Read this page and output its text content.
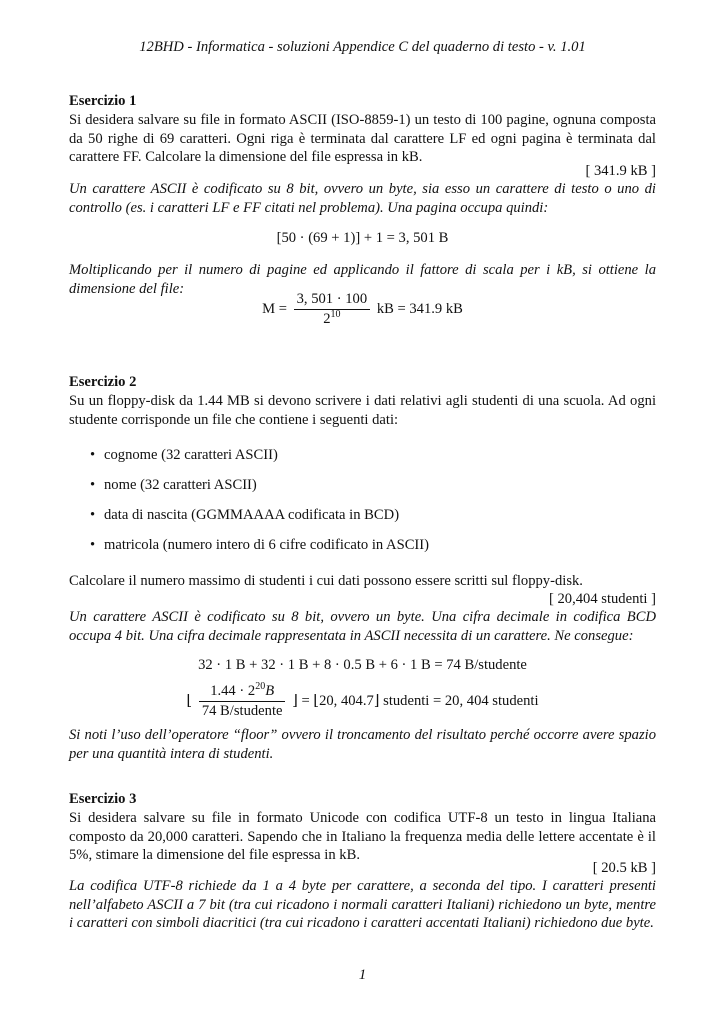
12BHD - Informatica - soluzioni Appendice C del quaderno di testo - v. 1.01
Esercizio 1
Si desidera salvare su file in formato ASCII (ISO-8859-1) un testo di 100 pagine, ognuna composta da 50 righe di 69 caratteri. Ogni riga è terminata dal carattere LF ed ogni pagina è terminata dal carattere FF. Calcolare la dimensione del file espressa in kB.
[ 341.9 kB ]
Un carattere ASCII è codificato su 8 bit, ovvero un byte, sia esso un carattere di testo o uno di controllo (es. i caratteri LF e FF citati nel problema). Una pagina occupa quindi:
[50 · (69 + 1)] + 1 = 3, 501 B
Moltiplicando per il numero di pagine ed applicando il fattore di scala per i kB, si ottiene la dimensione del file:
$M = \frac{3, 501 \cdot 100}{2^{10}}$ kB = 341.9 kB
Esercizio 2
Su un floppy-disk da 1.44 MB si devono scrivere i dati relativi agli studenti di una scuola. Ad ogni studente corrisponde un file che contiene i seguenti dati:
• cognome (32 caratteri ASCII)
• nome (32 caratteri ASCII)
• data di nascita (GGMMAAAA codificata in BCD)
• matricola (numero intero di 6 cifre codificato in ASCII)
Calcolare il numero massimo di studenti i cui dati possono essere scritti sul floppy-disk.
[ 20,404 studenti ]
Un carattere ASCII è codificato su 8 bit, ovvero un byte. Una cifra decimale in codifica BCD occupa 4 bit. Una cifra decimale rappresentata in ASCII necessita di un carattere. Ne consegue:
32 · 1 B + 32 · 1 B + 8 · 0.5 B + 6 · 1 B = 74 B/studente
⌊ $\frac{1.44 \cdot 2^{20}B}{\text{74 B/studente}}$ ⌋ = ⌊20, 404.7⌋ studenti = 20, 404 studenti
Si noti l’uso dell’operatore “floor” ovvero il troncamento del risultato perché occorre avere spazio per una quantità intera di studenti.
Esercizio 3
Si desidera salvare su file in formato Unicode con codifica UTF-8 un testo in lingua Italiana composto da 20,000 caratteri. Sapendo che in Italiano la frequenza media delle lettere accentate è il 5%, stimare la dimensione del file espressa in kB.
[ 20.5 kB ]
La codifica UTF-8 richiede da 1 a 4 byte per carattere, a seconda del tipo. I caratteri presenti nell’alfabeto ASCII a 7 bit (tra cui ricadono i normali caratteri Italiani) richiedono un byte, mentre i caratteri con simboli diacritici (tra cui ricadono i caratteri accentati Italiani) richiedono due byte.
1
